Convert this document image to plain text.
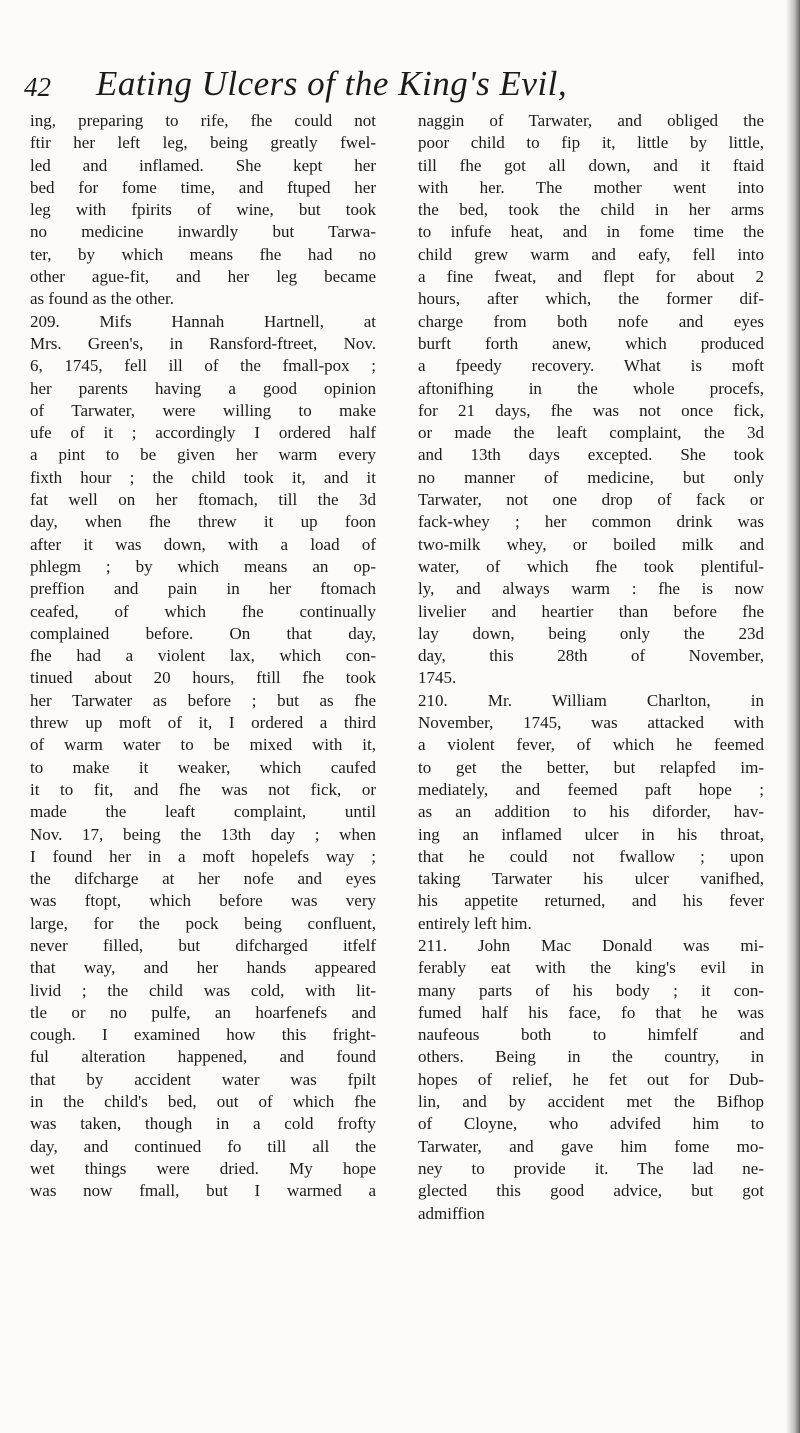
42 Eating Ulcers of the King's Evil,
ing, preparing to rife, fhe could not
ftir her left leg, being greatly fwel-
led and inflamed. She kept her
bed for fome time, and ftuped her
leg with fpirits of wine, but took
no medicine inwardly but Tarwa-
ter, by which means fhe had no
other ague-fit, and her leg became
as found as the other.
209. Mifs Hannah Hartnell, at
Mrs. Green's, in Ransford-ftreet, Nov.
6, 1745, fell ill of the fmall-pox ;
her parents having a good opinion
of Tarwater, were willing to make
ufe of it ; accordingly I ordered half
a pint to be given her warm every
fixth hour ; the child took it, and it
fat well on her ftomach, till the 3d
day, when fhe threw it up foon
after it was down, with a load of
phlegm ; by which means an op-
preffion and pain in her ftomach
ceafed, of which fhe continually
complained before. On that day,
fhe had a violent lax, which con-
tinued about 20 hours, ftill fhe took
her Tarwater as before ; but as fhe
threw up moft of it, I ordered a third
of warm water to be mixed with it,
to make it weaker, which caufed
it to fit, and fhe was not fick, or
made the leaft complaint, until
Nov. 17, being the 13th day ; when
I found her in a moft hopelefs way ;
the difcharge at her nofe and eyes
was ftopt, which before was very
large, for the pock being confluent,
never filled, but difcharged itfelf
that way, and her hands appeared
livid ; the child was cold, with lit-
tle or no pulfe, an hoarfenefs and
cough. I examined how this fright-
ful alteration happened, and found
that by accident water was fpilt
in the child's bed, out of which fhe
was taken, though in a cold frofty
day, and continued fo till all the
wet things were dried. My hope
was now fmall, but I warmed a
naggin of Tarwater, and obliged the
poor child to fip it, little by little,
till fhe got all down, and it ftaid
with her. The mother went into
the bed, took the child in her arms
to infufe heat, and in fome time the
child grew warm and eafy, fell into
a fine fweat, and flept for about 2
hours, after which, the former dif-
charge from both nofe and eyes
burft forth anew, which produced
a fpeedy recovery. What is moft
aftonifhing in the whole procefs,
for 21 days, fhe was not once fick,
or made the leaft complaint, the 3d
and 13th days excepted. She took
no manner of medicine, but only
Tarwater, not one drop of fack or
fack-whey ; her common drink was
two-milk whey, or boiled milk and
water, of which fhe took plentiful-
ly, and always warm : fhe is now
livelier and heartier than before fhe
lay down, being only the 23d
day, this 28th of November,
1745.
210. Mr. William Charlton, in
November, 1745, was attacked with
a violent fever, of which he feemed
to get the better, but relapfed im-
mediately, and feemed paft hope ;
as an addition to his diforder, hav-
ing an inflamed ulcer in his throat,
that he could not fwallow ; upon
taking Tarwater his ulcer vanifhed,
his appetite returned, and his fever
entirely left him.
211. John Mac Donald was mi-
ferably eat with the king's evil in
many parts of his body ; it con-
fumed half his face, fo that he was
naufeous both to himfelf and
others. Being in the country, in
hopes of relief, he fet out for Dub-
lin, and by accident met the Bifhop
of Cloyne, who advifed him to
Tarwater, and gave him fome mo-
ney to provide it. The lad ne-
glected this good advice, but got
admiffion
